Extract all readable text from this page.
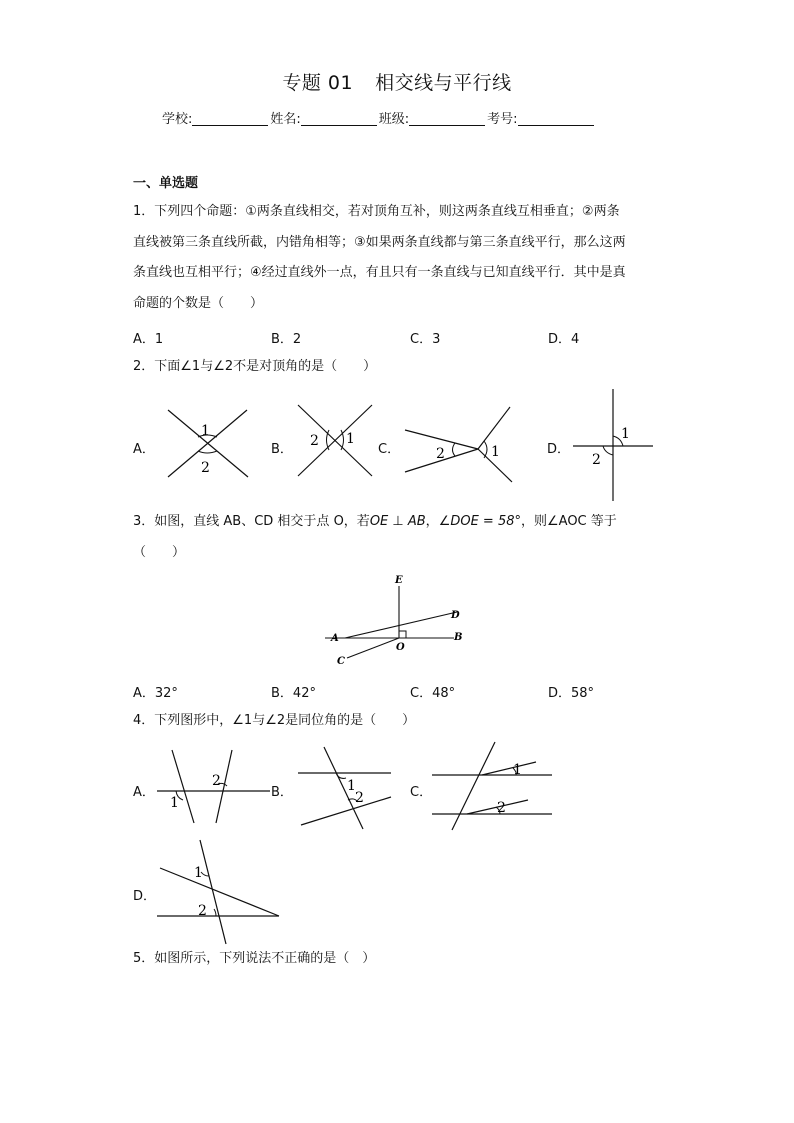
专题 01 相交线与平行线
学校:	姓名:	班级:	考号:
一、单选题
1．下列四个命题：①两条直线相交，若对顶角互补，则这两条直线互相垂直；②两条
直线被第三条直线所截，内错角相等；③如果两条直线都与第三条直线平行，那么这两
条直线也互相平行；④经过直线外一点，有且只有一条直线与已知直线平行．其中是真
命题的个数是（　　）
A．1	B．2	C．3	D．4
2．下面∠1与∠2不是对顶角的是（　　）
A．
1
2
B．
2 1
C．	2	1	D．
1
2
3．如图，直线 AB、CD 相交于点 O，若OE ⊥ AB，∠DOE = 58°，则∠AOC 等于
（　　）
E
D
A	B
O
C
A．32°	B．42°	C．48°	D．58°
4．下列图形中，∠1与∠2是同位角的是（　　）
A．
1
2
B．	1
2	C．
1
2
D．
1
2
5．如图所示，下列说法不正确的是（　）
